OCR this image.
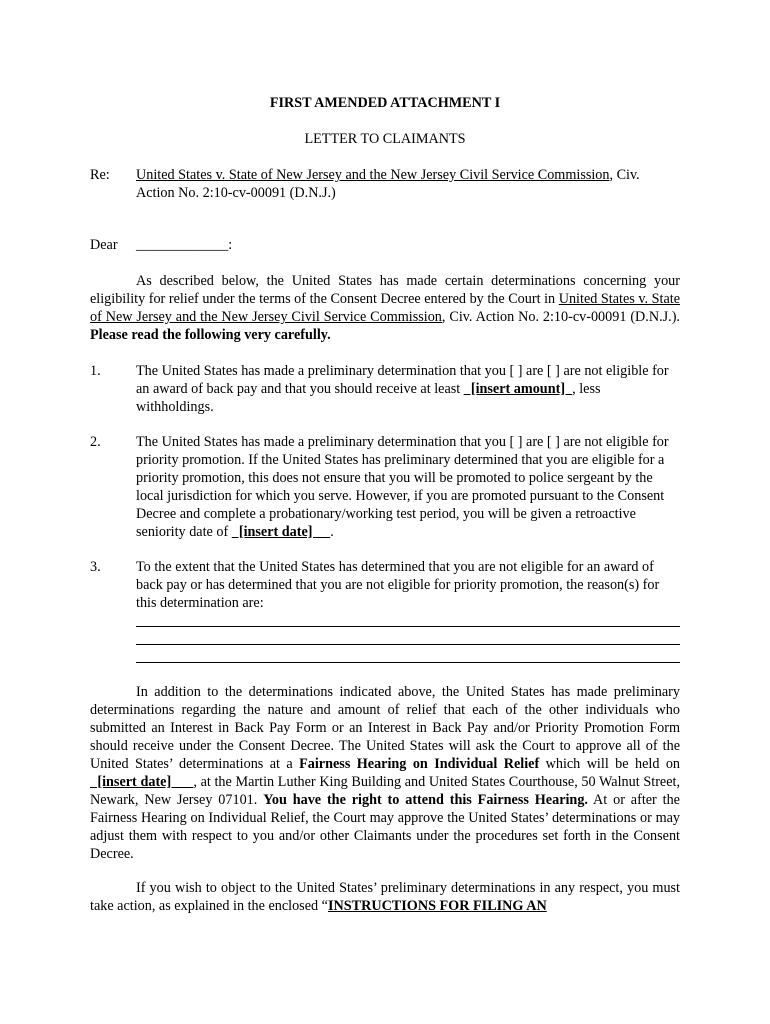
FIRST AMENDED ATTACHMENT I
LETTER TO CLAIMANTS
Re: United States v. State of New Jersey and the New Jersey Civil Service Commission, Civ. Action No. 2:10-cv-00091 (D.N.J.)
Dear _____________:
As described below, the United States has made certain determinations concerning your eligibility for relief under the terms of the Consent Decree entered by the Court in United States v. State of New Jersey and the New Jersey Civil Service Commission, Civ. Action No. 2:10-cv-00091 (D.N.J.). Please read the following very carefully.
1. The United States has made a preliminary determination that you [ ] are [ ] are not eligible for an award of back pay and that you should receive at least   [insert amount]  , less withholdings.
2. The United States has made a preliminary determination that you [ ] are [ ] are not eligible for priority promotion. If the United States has preliminary determined that you are eligible for a priority promotion, this does not ensure that you will be promoted to police sergeant by the local jurisdiction for which you serve. However, if you are promoted pursuant to the Consent Decree and complete a probationary/working test period, you will be given a retroactive seniority date of   [insert date]     .
3. To the extent that the United States has determined that you are not eligible for an award of back pay or has determined that you are not eligible for priority promotion, the reason(s) for this determination are:
In addition to the determinations indicated above, the United States has made preliminary determinations regarding the nature and amount of relief that each of the other individuals who submitted an Interest in Back Pay Form or an Interest in Back Pay and/or Priority Promotion Form should receive under the Consent Decree. The United States will ask the Court to approve all of the United States’ determinations at a Fairness Hearing on Individual Relief which will be held on   [insert date]      , at the Martin Luther King Building and United States Courthouse, 50 Walnut Street, Newark, New Jersey 07101. You have the right to attend this Fairness Hearing. At or after the Fairness Hearing on Individual Relief, the Court may approve the United States’ determinations or may adjust them with respect to you and/or other Claimants under the procedures set forth in the Consent Decree.
If you wish to object to the United States’ preliminary determinations in any respect, you must take action, as explained in the enclosed “INSTRUCTIONS FOR FILING AN
